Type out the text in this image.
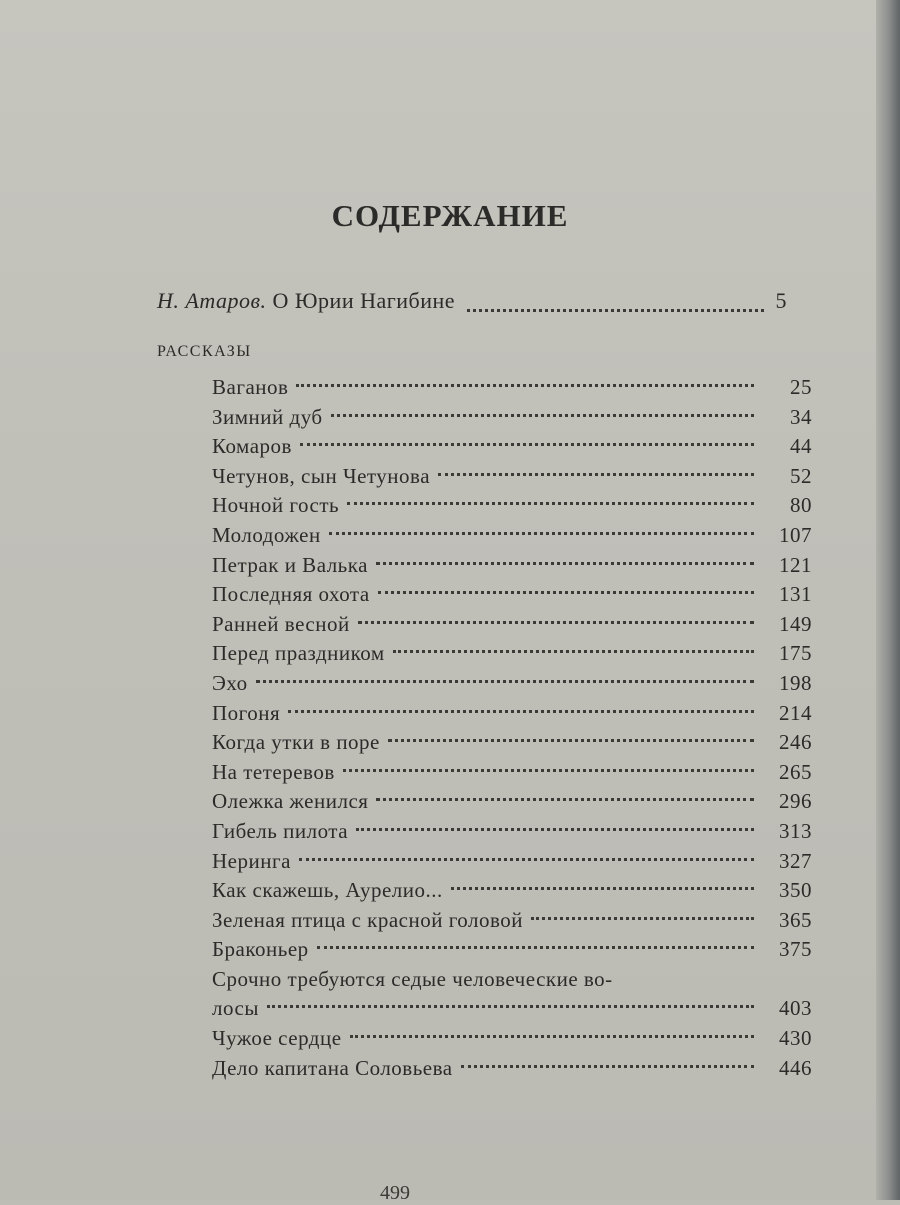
СОДЕРЖАНИЕ
Н. Атаров.
О Юрии Нагибине	5
РАССКАЗЫ
Ваганов	25
Зимний дуб	34
Комаров	44
Четунов, сын Четунова	52
Ночной гость	80
Молодожен	107
Петрак и Валька	121
Последняя охота	131
Ранней весной	149
Перед праздником	175
Эхо	198
Погоня	214
Когда утки в поре	246
На тетеревов	265
Олежка женился	296
Гибель пилота	313
Неринга	327
Как скажешь, Аурелио...	350
Зеленая птица с красной головой	365
Браконьер	375
Срочно требуются седые человеческие во-
лосы	403
Чужое сердце	430
Дело капитана Соловьева	446
499
